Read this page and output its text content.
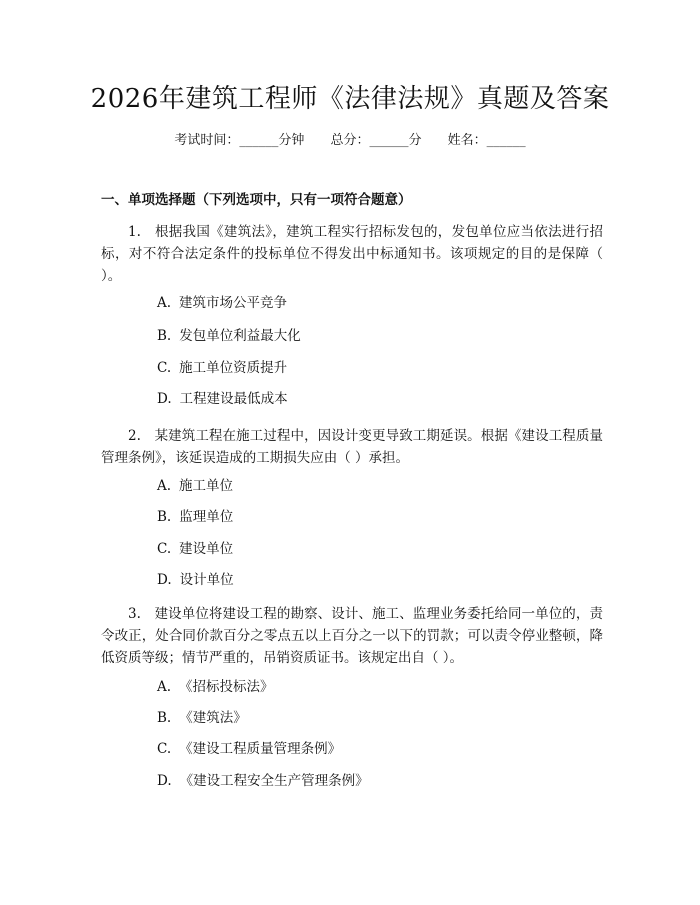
2026年建筑工程师《法律法规》真题及答案
考试时间：______分钟 总分：______分 姓名：______
一、单项选择题（下列选项中，只有一项符合题意）
1.　根据我国《建筑法》，建筑工程实行招标发包的，发包单位应当依法进行招标，对不符合法定条件的投标单位不得发出中标通知书。该项规定的目的是保障（ ）。
A. 建筑市场公平竞争
B. 发包单位利益最大化
C. 施工单位资质提升
D. 工程建设最低成本
2.　某建筑工程在施工过程中，因设计变更导致工期延误。根据《建设工程质量管理条例》，该延误造成的工期损失应由（ ）承担。
A. 施工单位
B. 监理单位
C. 建设单位
D. 设计单位
3.　建设单位将建设工程的勘察、设计、施工、监理业务委托给同一单位的，责令改正，处合同价款百分之零点五以上百分之一以下的罚款；可以责令停业整顿，降低资质等级；情节严重的，吊销资质证书。该规定出自（ ）。
A. 《招标投标法》
B. 《建筑法》
C. 《建设工程质量管理条例》
D. 《建设工程安全生产管理条例》
